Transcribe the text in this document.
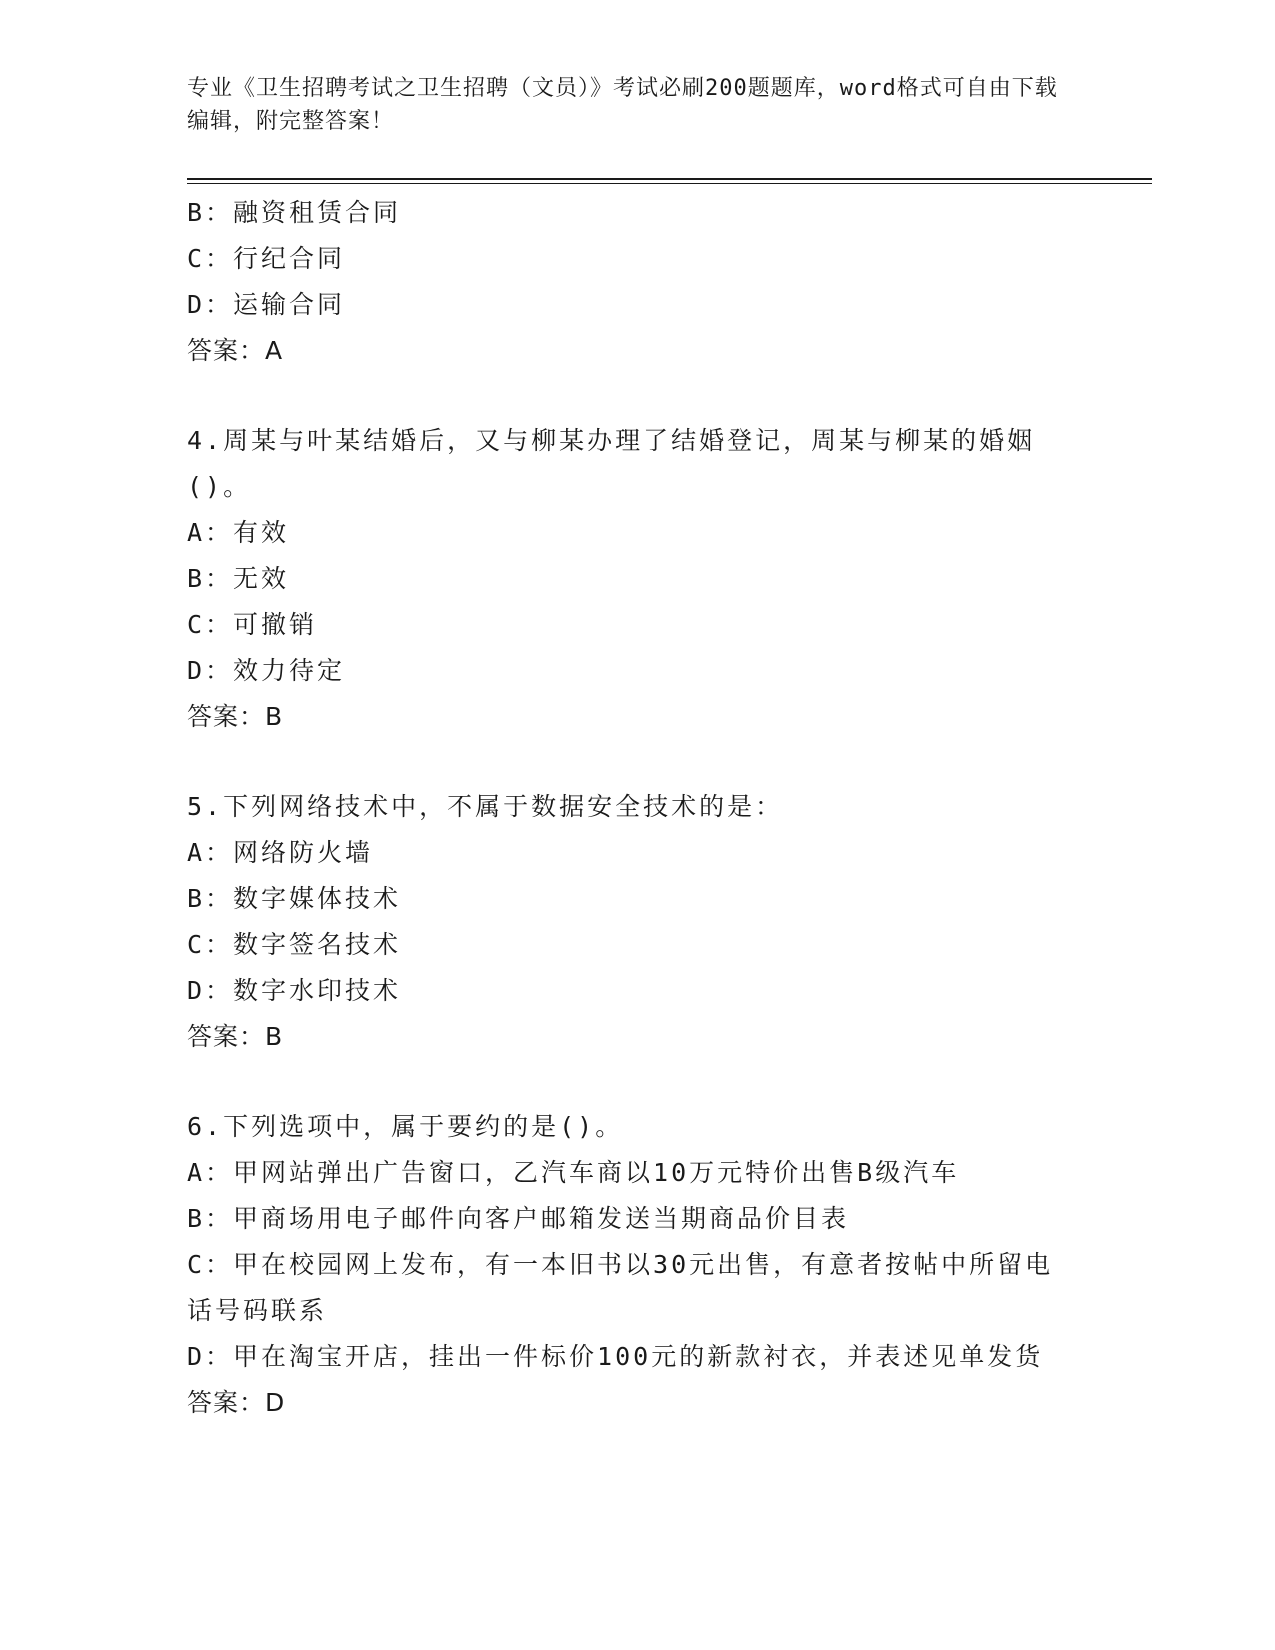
专业《卫生招聘考试之卫生招聘（文员）》考试必刷200题题库，word格式可自由下载编辑，附完整答案！
B：融资租赁合同
C：行纪合同
D：运输合同
答案：A
4.周某与叶某结婚后，又与柳某办理了结婚登记，周某与柳某的婚姻()。
A：有效
B：无效
C：可撤销
D：效力待定
答案：B
5.下列网络技术中，不属于数据安全技术的是：
A：网络防火墙
B：数字媒体技术
C：数字签名技术
D：数字水印技术
答案：B
6.下列选项中，属于要约的是()。
A：甲网站弹出广告窗口，乙汽车商以10万元特价出售B级汽车
B：甲商场用电子邮件向客户邮箱发送当期商品价目表
C：甲在校园网上发布，有一本旧书以30元出售，有意者按帖中所留电话号码联系
D：甲在淘宝开店，挂出一件标价100元的新款衬衣，并表述见单发货
答案：D
